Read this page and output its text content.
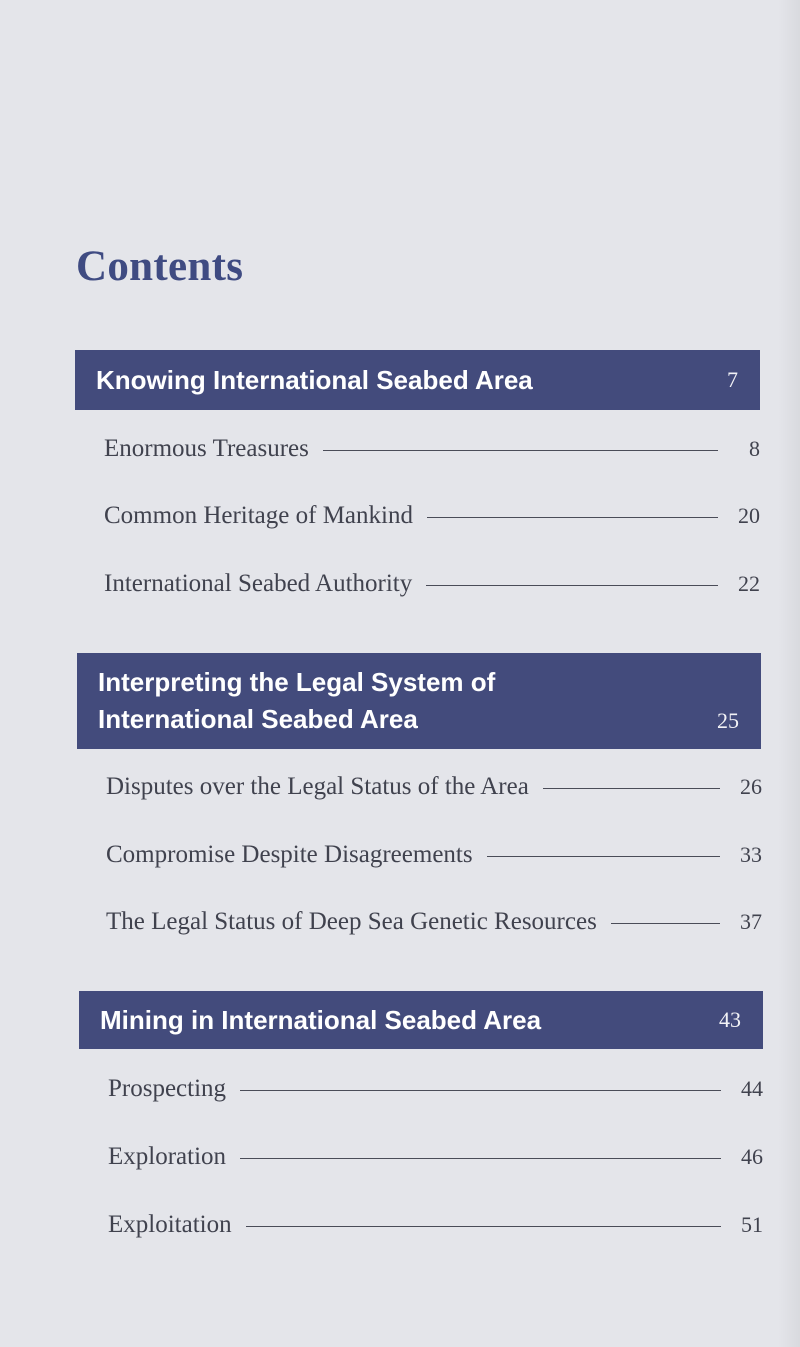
Contents
Knowing International Seabed Area	7
Enormous Treasures	8
Common Heritage of Mankind	20
International Seabed Authority	22
Interpreting the Legal System of
International Seabed Area	25
Disputes over the Legal Status of the Area	26
Compromise Despite Disagreements	33
The Legal Status of Deep Sea Genetic Resources	37
Mining in International Seabed Area	43
Prospecting	44
Exploration	46
Exploitation	51
